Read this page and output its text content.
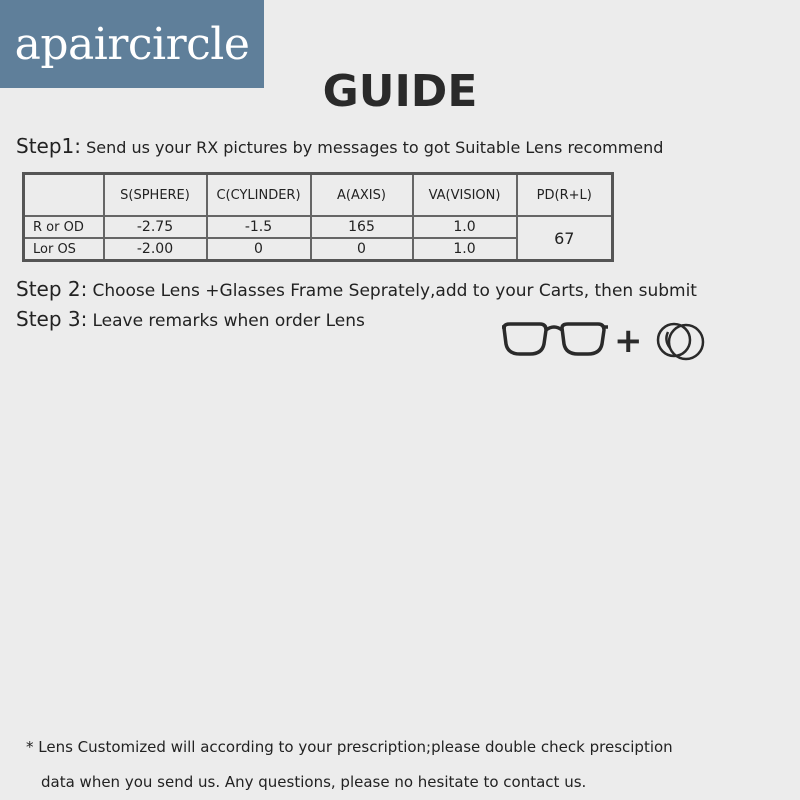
apaircircle
GUIDE
Step1: Send us your RX pictures by messages to got Suitable Lens recommend
	S(SPHERE)	C(CYLINDER)	A(AXIS)	VA(VISION)	PD(R+L)
R or OD	-2.75	-1.5	165	1.0	67
Lor OS	-2.00	0	0	1.0	
Step 2: Choose Lens +Glasses Frame Seprately,add to your Carts, then submit
Step 3: Leave remarks when order Lens	+
* Lens Customized will according to your prescription;please double check presciption
data when you send us. Any questions, please no hesitate to contact us.
